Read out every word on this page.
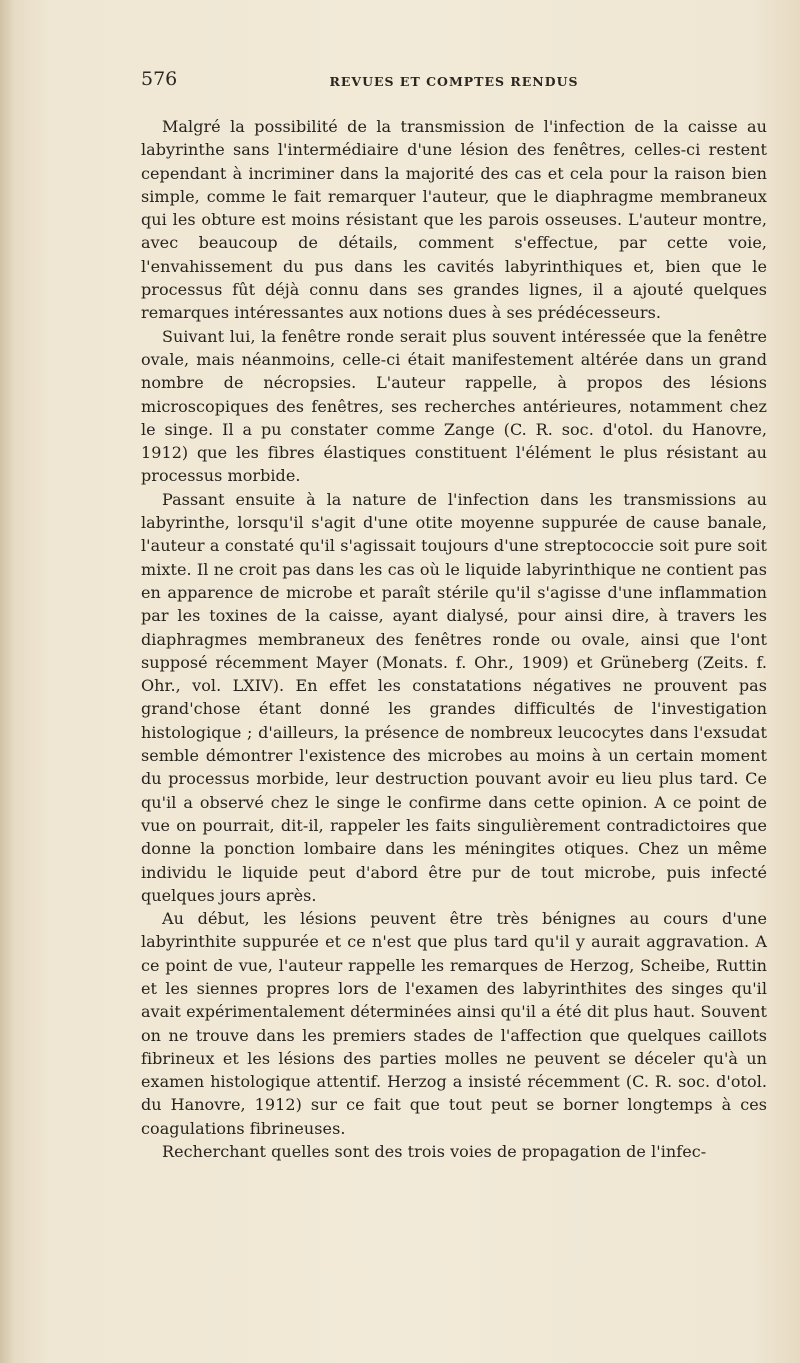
576	REVUES ET COMPTES RENDUS

Malgré la possibilité de la transmission de l'infection de la caisse au labyrinthe sans l'intermédiaire d'une lésion des fenêtres, celles-ci restent cependant à incriminer dans la majorité des cas et cela pour la raison bien simple, comme le fait remarquer l'auteur, que le diaphragme membraneux qui les obture est moins résistant que les parois osseuses. L'auteur montre, avec beaucoup de détails, comment s'effectue, par cette voie, l'envahissement du pus dans les cavités labyrinthiques et, bien que le processus fût déjà connu dans ses grandes lignes, il a ajouté quelques remarques intéressantes aux notions dues à ses prédécesseurs.

Suivant lui, la fenêtre ronde serait plus souvent intéressée que la fenêtre ovale, mais néanmoins, celle-ci était manifestement altérée dans un grand nombre de nécropsies. L'auteur rappelle, à propos des lésions microscopiques des fenêtres, ses recherches antérieures, notamment chez le singe. Il a pu constater comme Zange (C. R. soc. d'otol. du Hanovre, 1912) que les fibres élastiques constituent l'élément le plus résistant au processus morbide.

Passant ensuite à la nature de l'infection dans les transmissions au labyrinthe, lorsqu'il s'agit d'une otite moyenne suppurée de cause banale, l'auteur a constaté qu'il s'agissait toujours d'une streptococcie soit pure soit mixte. Il ne croit pas dans les cas où le liquide labyrinthique ne contient pas en apparence de microbe et paraît stérile qu'il s'agisse d'une inflammation par les toxines de la caisse, ayant dialysé, pour ainsi dire, à travers les diaphragmes membraneux des fenêtres ronde ou ovale, ainsi que l'ont supposé récemment Mayer (Monats. f. Ohr., 1909) et Grüneberg (Zeits. f. Ohr., vol. LXIV). En effet les constatations négatives ne prouvent pas grand'chose étant donné les grandes difficultés de l'investigation histologique ; d'ailleurs, la présence de nombreux leucocytes dans l'exsudat semble démontrer l'existence des microbes au moins à un certain moment du processus morbide, leur destruction pouvant avoir eu lieu plus tard. Ce qu'il a observé chez le singe le confirme dans cette opinion. A ce point de vue on pourrait, dit-il, rappeler les faits singulièrement contradictoires que donne la ponction lombaire dans les méningites otiques. Chez un même individu le liquide peut d'abord être pur de tout microbe, puis infecté quelques jours après.

Au début, les lésions peuvent être très bénignes au cours d'une labyrinthite suppurée et ce n'est que plus tard qu'il y aurait aggravation. A ce point de vue, l'auteur rappelle les remarques de Herzog, Scheibe, Ruttin et les siennes propres lors de l'examen des labyrinthites des singes qu'il avait expérimentalement déterminées ainsi qu'il a été dit plus haut. Souvent on ne trouve dans les premiers stades de l'affection que quelques caillots fibrineux et les lésions des parties molles ne peuvent se déceler qu'à un examen histologique attentif. Herzog a insisté récemment (C. R. soc. d'otol. du Hanovre, 1912) sur ce fait que tout peut se borner longtemps à ces coagulations fibrineuses.

Recherchant quelles sont des trois voies de propagation de l'infec-
